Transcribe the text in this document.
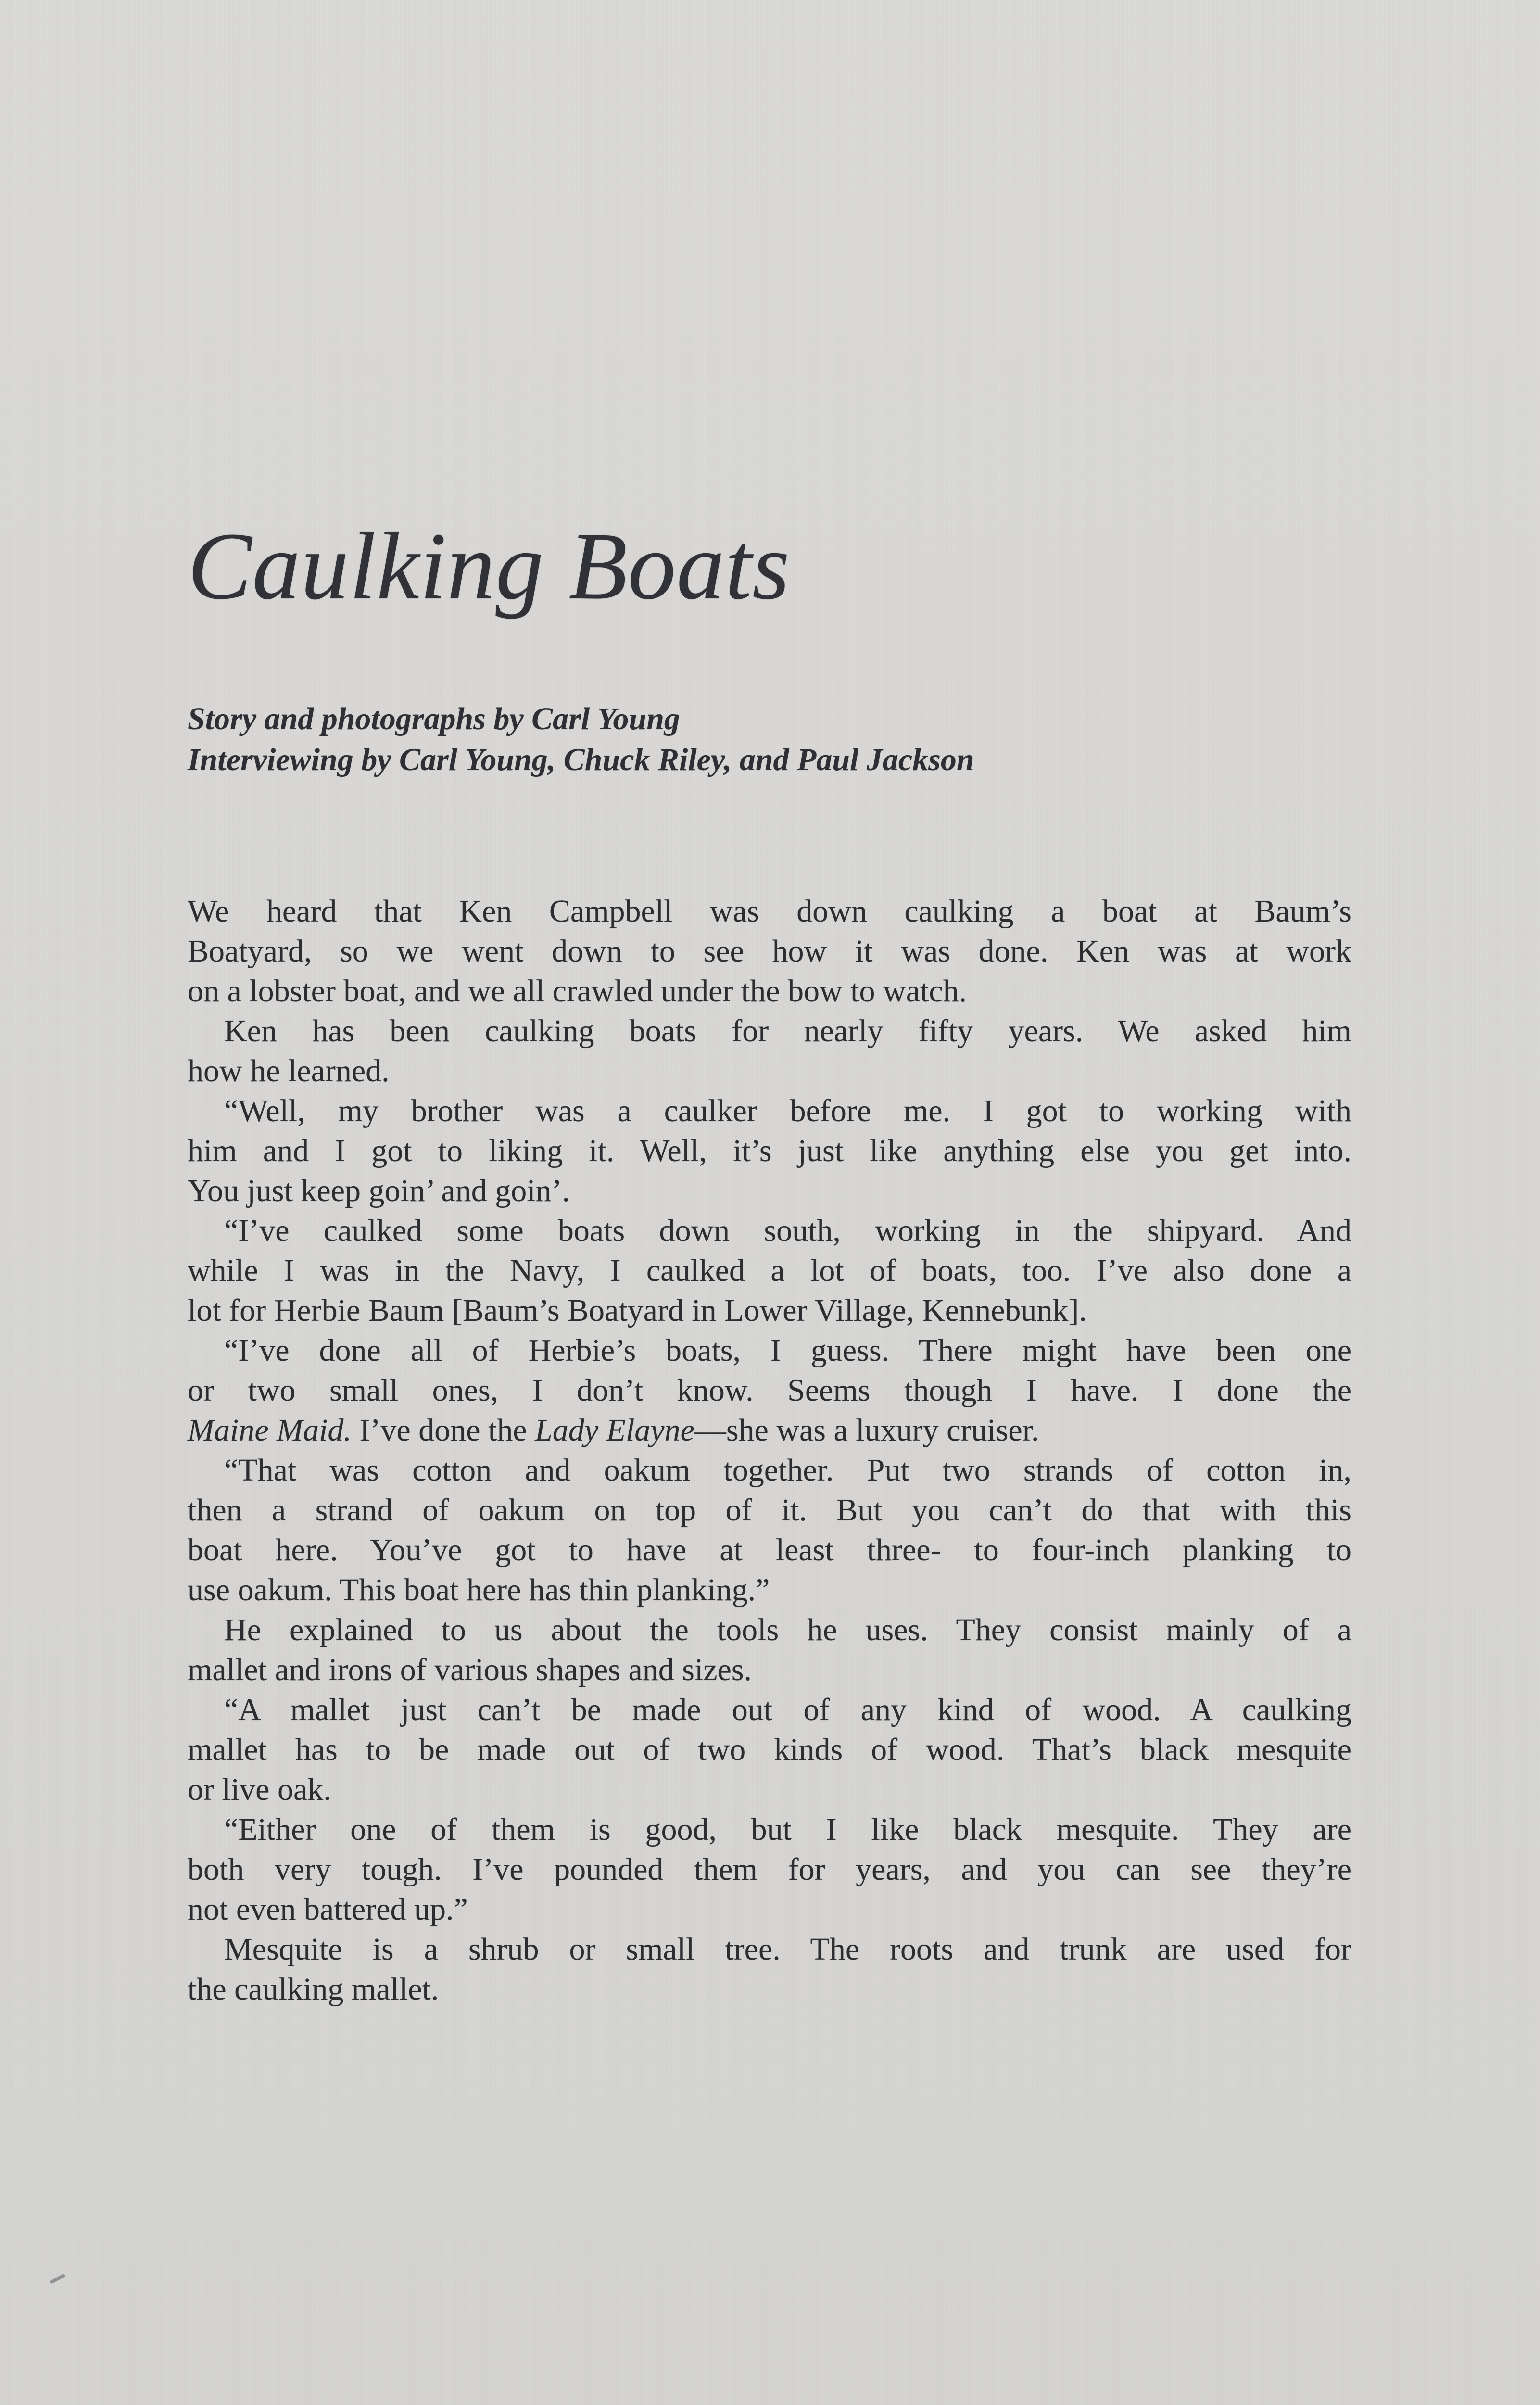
Caulking Boats
Story and photographs by Carl Young
Interviewing by Carl Young, Chuck Riley, and Paul Jackson
We heard that Ken Campbell was down caulking a boat at Baum’s
Boatyard, so we went down to see how it was done. Ken was at work
on a lobster boat, and we all crawled under the bow to watch.
Ken has been caulking boats for nearly fifty years. We asked him
how he learned.
“Well, my brother was a caulker before me. I got to working with
him and I got to liking it. Well, it’s just like anything else you get into.
You just keep goin’ and goin’.
“I’ve caulked some boats down south, working in the shipyard. And
while I was in the Navy, I caulked a lot of boats, too. I’ve also done a
lot for Herbie Baum [Baum’s Boatyard in Lower Village, Kennebunk].
“I’ve done all of Herbie’s boats, I guess. There might have been one
or two small ones, I don’t know. Seems though I have. I done the
Maine Maid. I’ve done the Lady Elayne—she was a luxury cruiser.
“That was cotton and oakum together. Put two strands of cotton in,
then a strand of oakum on top of it. But you can’t do that with this
boat here. You’ve got to have at least three- to four-inch planking to
use oakum. This boat here has thin planking.”
He explained to us about the tools he uses. They consist mainly of a
mallet and irons of various shapes and sizes.
“A mallet just can’t be made out of any kind of wood. A caulking
mallet has to be made out of two kinds of wood. That’s black mesquite
or live oak.
“Either one of them is good, but I like black mesquite. They are
both very tough. I’ve pounded them for years, and you can see they’re
not even battered up.”
Mesquite is a shrub or small tree. The roots and trunk are used for
the caulking mallet.
